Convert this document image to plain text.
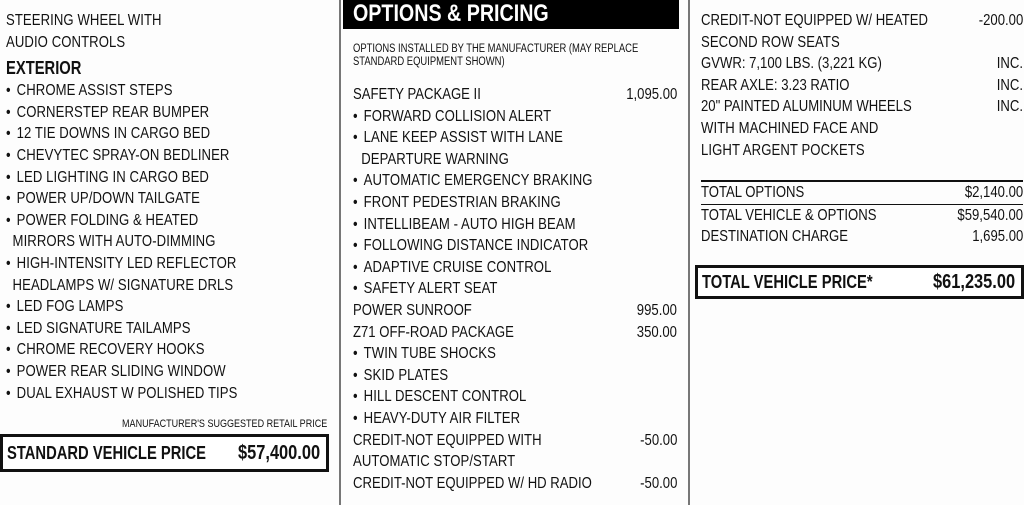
STEERING WHEEL WITH
AUDIO CONTROLS
EXTERIOR
• CHROME ASSIST STEPS
• CORNERSTEP REAR BUMPER
• 12 TIE DOWNS IN CARGO BED
• CHEVYTEC SPRAY-ON BEDLINER
• LED LIGHTING IN CARGO BED
• POWER UP/DOWN TAILGATE
• POWER FOLDING & HEATED
MIRRORS WITH AUTO-DIMMING
• HIGH-INTENSITY LED REFLECTOR
HEADLAMPS W/ SIGNATURE DRLS
• LED FOG LAMPS
• LED SIGNATURE TAILAMPS
• CHROME RECOVERY HOOKS
• POWER REAR SLIDING WINDOW
• DUAL EXHAUST W POLISHED TIPS
MANUFACTURER'S SUGGESTED RETAIL PRICE
STANDARD VEHICLE PRICE $57,400.00
OPTIONS & PRICING
OPTIONS INSTALLED BY THE MANUFACTURER (MAY REPLACE
STANDARD EQUIPMENT SHOWN)
SAFETY PACKAGE II	1,095.00
• FORWARD COLLISION ALERT
• LANE KEEP ASSIST WITH LANE
DEPARTURE WARNING
• AUTOMATIC EMERGENCY BRAKING
• FRONT PEDESTRIAN BRAKING
• INTELLIBEAM - AUTO HIGH BEAM
• FOLLOWING DISTANCE INDICATOR
• ADAPTIVE CRUISE CONTROL
• SAFETY ALERT SEAT
POWER SUNROOF	995.00
Z71 OFF-ROAD PACKAGE	350.00
• TWIN TUBE SHOCKS
• SKID PLATES
• HILL DESCENT CONTROL
• HEAVY-DUTY AIR FILTER
CREDIT-NOT EQUIPPED WITH	-50.00
AUTOMATIC STOP/START
CREDIT-NOT EQUIPPED W/ HD RADIO	-50.00
CREDIT-NOT EQUIPPED W/ HEATED	-200.00
SECOND ROW SEATS
GVWR: 7,100 LBS. (3,221 KG)	INC.
REAR AXLE: 3.23 RATIO	INC.
20" PAINTED ALUMINUM WHEELS	INC.
WITH MACHINED FACE AND
LIGHT ARGENT POCKETS
TOTAL OPTIONS	$2,140.00
TOTAL VEHICLE & OPTIONS	$59,540.00
DESTINATION CHARGE	1,695.00
TOTAL VEHICLE PRICE*	$61,235.00
